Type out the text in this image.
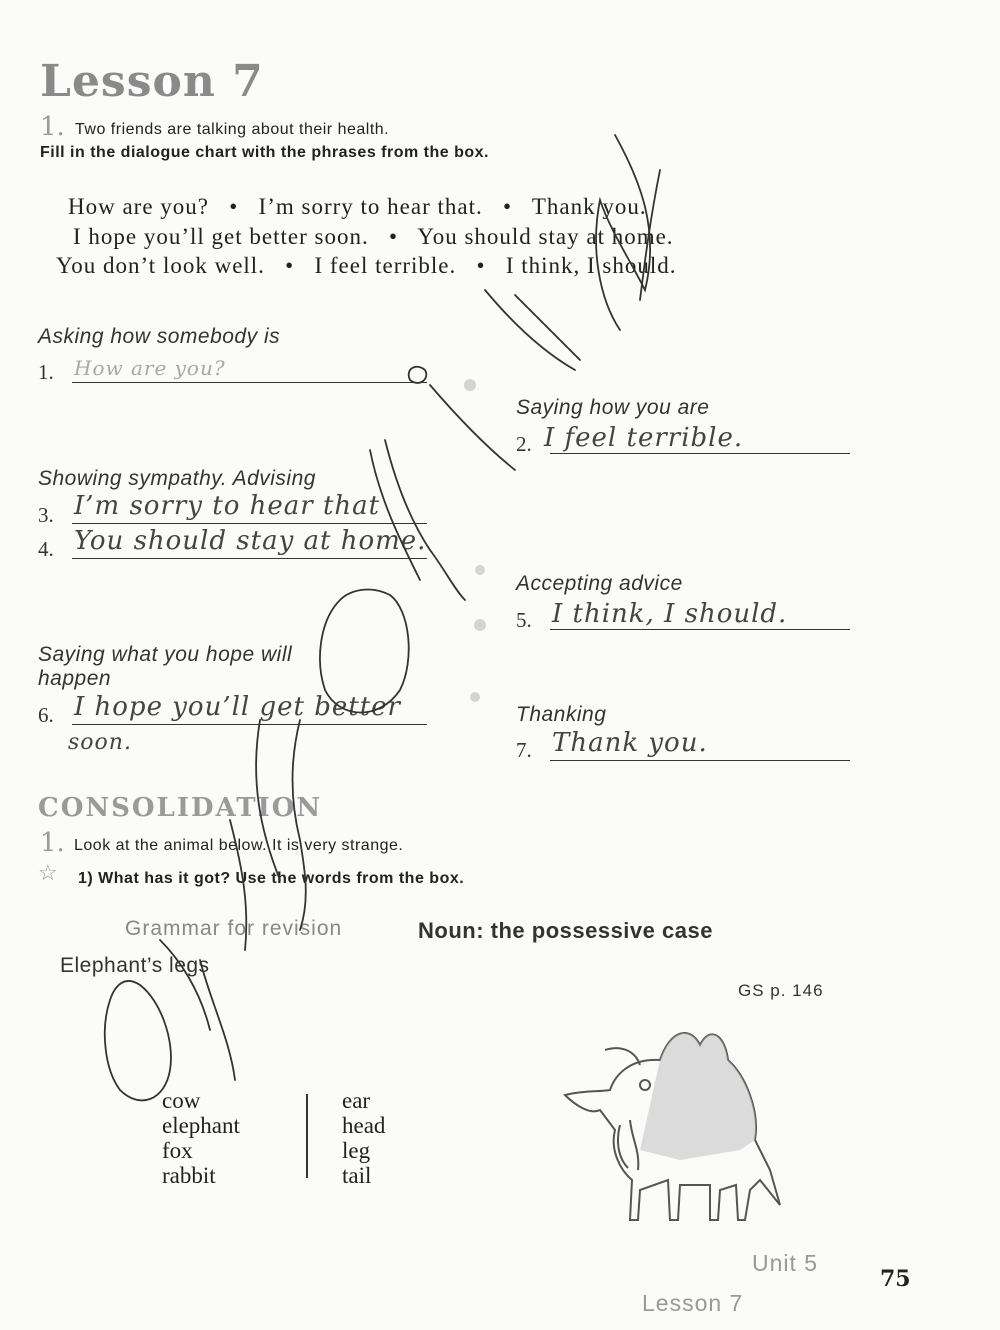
Lesson 7
1. Two friends are talking about their health.
Fill in the dialogue chart with the phrases from the box.
How are you?   •   I’m sorry to hear that.   •   Thank you.
I hope you’ll get better soon.   •   You should stay at home.
You don’t look well.   •   I feel terrible.   •   I think, I should.
Asking how somebody is
1. How are you?
Saying how you are
2. I feel terrible.
Showing sympathy. Advising
3. I’m sorry to hear that
4. You should stay at home.
Accepting advice
5. I think, I should.
Saying what you hope will
happen
6. I hope you’ll get better
soon.
Thanking
7. Thank you.
CONSOLIDATION
1. Look at the animal below. It is very strange.
☆ 1) What has it got? Use the words from the box.
Grammar for revision	Noun: the possessive case
Elephant’s legs
GS p. 146
cow
elephant
fox
rabbit
ear
head
leg
tail
Unit 5
Lesson 7
75
